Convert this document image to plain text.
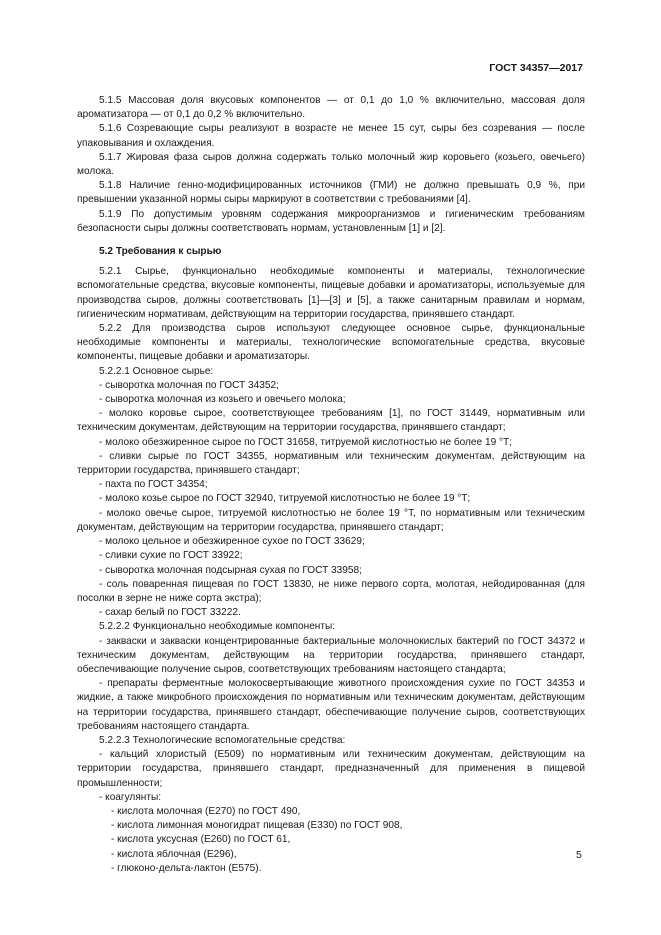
ГОСТ 34357—2017

5.1.5 Массовая доля вкусовых компонентов — от 0,1 до 1,0 % включительно, массовая доля ароматизатора — от 0,1 до 0,2 % включительно.

5.1.6 Созревающие сыры реализуют в возрасте не менее 15 сут, сыры без созревания — после упаковывания и охлаждения.

5.1.7 Жировая фаза сыров должна содержать только молочный жир коровьего (козьего, овечьего) молока.

5.1.8 Наличие генно-модифицированных источников (ГМИ) не должно превышать 0,9 %, при превышении указанной нормы сыры маркируют в соответствии с требованиями [4].

5.1.9 По допустимым уровням содержания микроорганизмов и гигиеническим требованиям безопасности сыры должны соответствовать нормам, установленным [1] и [2].

5.2 Требования к сырью

5.2.1 Сырье, функционально необходимые компоненты и материалы, технологические вспомогательные средства, вкусовые компоненты, пищевые добавки и ароматизаторы, используемые для производства сыров, должны соответствовать [1]—[3] и [5], а также санитарным правилам и нормам, гигиеническим нормативам, действующим на территории государства, принявшего стандарт.

5.2.2 Для производства сыров используют следующее основное сырье, функциональные необходимые компоненты и материалы, технологические вспомогательные средства, вкусовые компоненты, пищевые добавки и ароматизаторы.

5.2.2.1 Основное сырье:

- сыворотка молочная по ГОСТ 34352;

- сыворотка молочная из козьего и овечьего молока;

- молоко коровье сырое, соответствующее требованиям [1], по ГОСТ 31449, нормативным или техническим документам, действующим на территории государства, принявшего стандарт;

- молоко обезжиренное сырое по ГОСТ 31658, титруемой кислотностью не более 19 °Т;

- сливки сырые по ГОСТ 34355, нормативным или техническим документам, действующим на территории государства, принявшего стандарт;

- пахта по ГОСТ 34354;

- молоко козье сырое по ГОСТ 32940, титруемой кислотностью не более 19 °Т;

- молоко овечье сырое, титруемой кислотностью не более 19 °Т, по нормативным или техническим документам, действующим на территории государства, принявшего стандарт;

- молоко цельное и обезжиренное сухое по ГОСТ 33629;

- сливки сухие по ГОСТ 33922;

- сыворотка молочная подсырная сухая по ГОСТ 33958;

- соль поваренная пищевая по ГОСТ 13830, не ниже первого сорта, молотая, нейодированная (для посолки в зерне не ниже сорта экстра);

- сахар белый по ГОСТ 33222.

5.2.2.2 Функционально необходимые компоненты:

- закваски и закваски концентрированные бактериальные молочнокислых бактерий по ГОСТ 34372 и техническим документам, действующим на территории государства, принявшего стандарт, обеспечивающие получение сыров, соответствующих требованиям настоящего стандарта;

- препараты ферментные молокосвертывающие животного происхождения сухие по ГОСТ 34353 и жидкие, а также микробного происхождения по нормативным или техническим документам, действующим на территории государства, принявшего стандарт, обеспечивающие получение сыров, соответствующих требованиям настоящего стандарта.

5.2.2.3 Технологические вспомогательные средства:

- кальций хлористый (Е509) по нормативным или техническим документам, действующим на территории государства, принявшего стандарт, предназначенный для применения в пищевой промышленности;

- коагулянты:

- кислота молочная (Е270) по ГОСТ 490,

- кислота лимонная моногидрат пищевая (Е330) по ГОСТ 908,

- кислота уксусная (Е260) по ГОСТ 61,

- кислота яблочная (Е296),

- глюконо-дельта-лактон (Е575).

5
